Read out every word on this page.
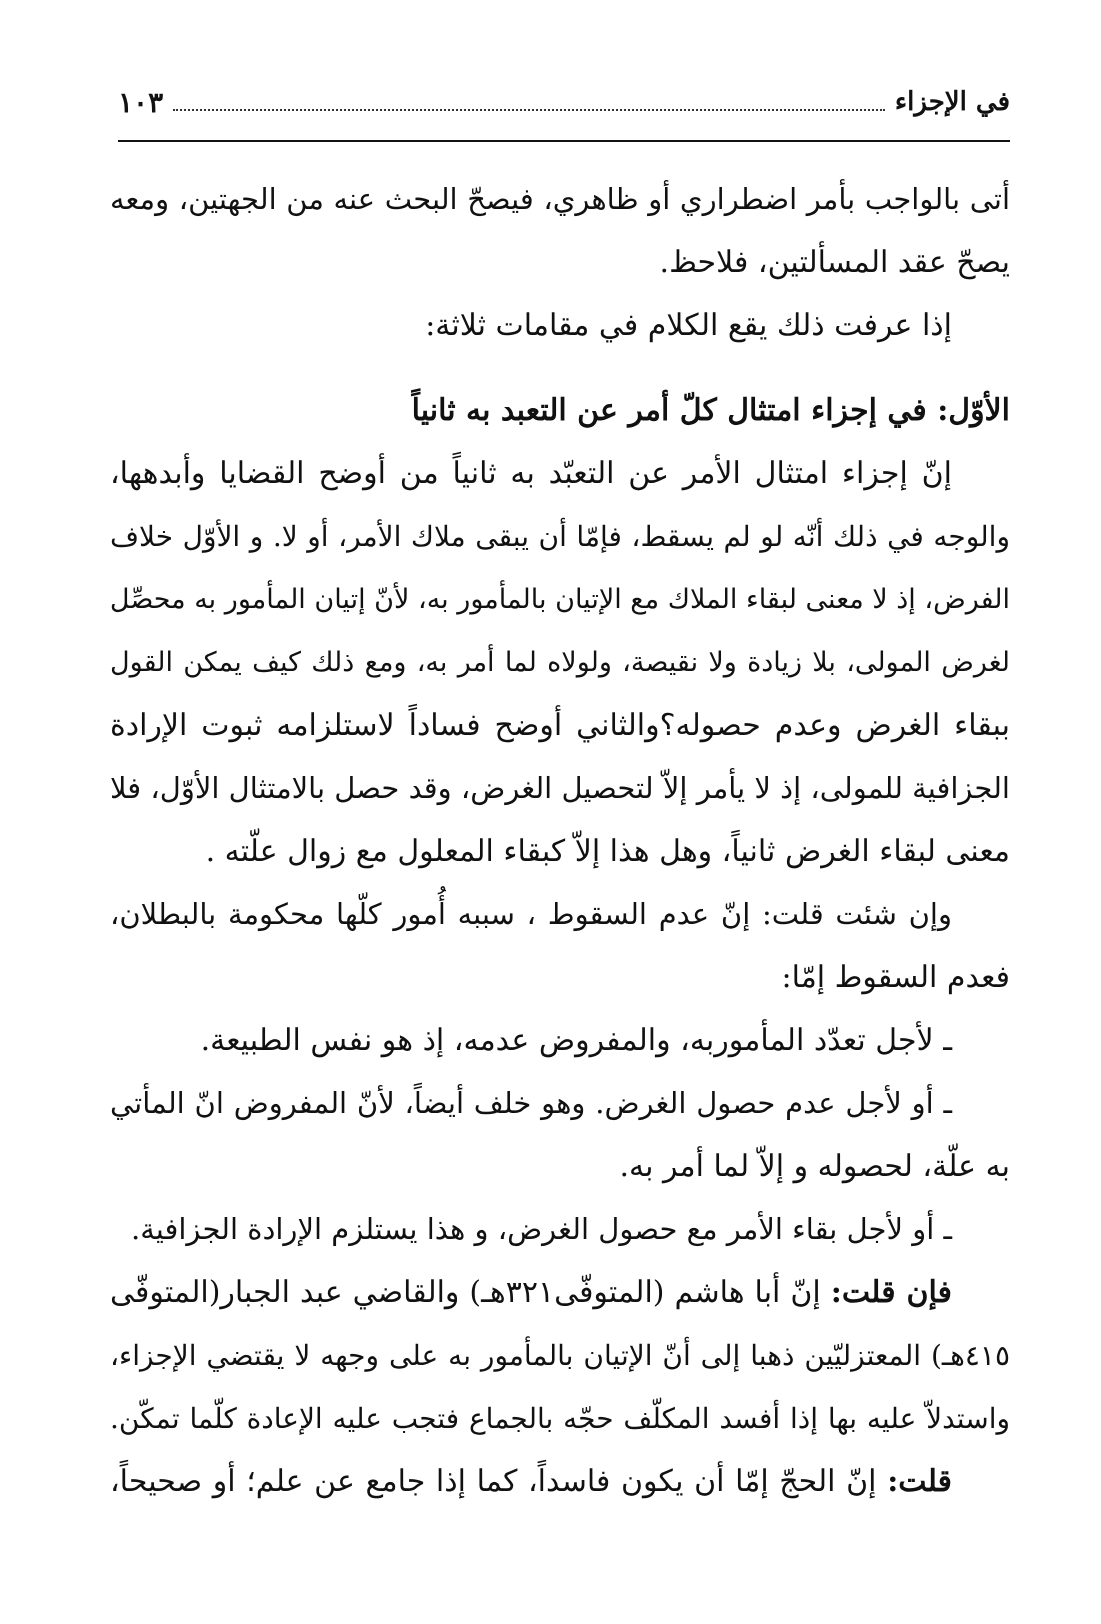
في الإجزاء
١٠٣
أتى بالواجب بأمر اضطراري أو ظاهري، فيصحّ البحث عنه من الجهتين، ومعه
يصحّ عقد المسألتين، فلاحظ.
إذا عرفت ذلك يقع الكلام في مقامات ثلاثة:
الأوّل: في إجزاء امتثال كلّ أمر عن التعبد به ثانياً
إنّ إجزاء امتثال الأمر عن التعبّد به ثانياً من أوضح القضايا وأبدهها،
والوجه في ذلك أنّه لو لم يسقط، فإمّا أن يبقى ملاك الأمر، أو لا. و الأوّل خلاف
الفرض، إذ لا معنى لبقاء الملاك مع الإتيان بالمأمور به، لأنّ إتيان المأمور به محصِّل
لغرض المولى، بلا زيادة ولا نقيصة، ولولاه لما أمر به، ومع ذلك كيف يمكن القول
ببقاء الغرض وعدم حصوله؟والثاني أوضح فساداً لاستلزامه ثبوت الإرادة
الجزافية للمولى، إذ لا يأمر إلاّ لتحصيل الغرض، وقد حصل بالامتثال الأوّل، فلا
معنى لبقاء الغرض ثانياً، وهل هذا إلاّ كبقاء المعلول مع زوال علّته .
وإن شئت قلت: إنّ عدم السقوط ، سببه أُمور كلّها محكومة بالبطلان،
فعدم السقوط إمّا:
ـ لأجل تعدّد المأموربه، والمفروض عدمه، إذ هو نفس الطبيعة.
ـ أو لأجل عدم حصول الغرض. وهو خلف أيضاً، لأنّ المفروض انّ المأتي
به علّة، لحصوله و إلاّ لما أمر به.
ـ أو لأجل بقاء الأمر مع حصول الغرض، و هذا يستلزم الإرادة الجزافية.
فإن قلت: إنّ أبا هاشم (المتوفّى٣٢١هـ) والقاضي عبد الجبار(المتوفّى
٤١٥هـ) المعتزليّين ذهبا إلى أنّ الإتيان بالمأمور به على وجهه لا يقتضي الإجزاء،
واستدلاّ عليه بها إذا أفسد المكلّف حجّه بالجماع فتجب عليه الإعادة كلّما تمكّن.
قلت: إنّ الحجّ إمّا أن يكون فاسداً، كما إذا جامع عن علم؛ أو صحيحاً،
